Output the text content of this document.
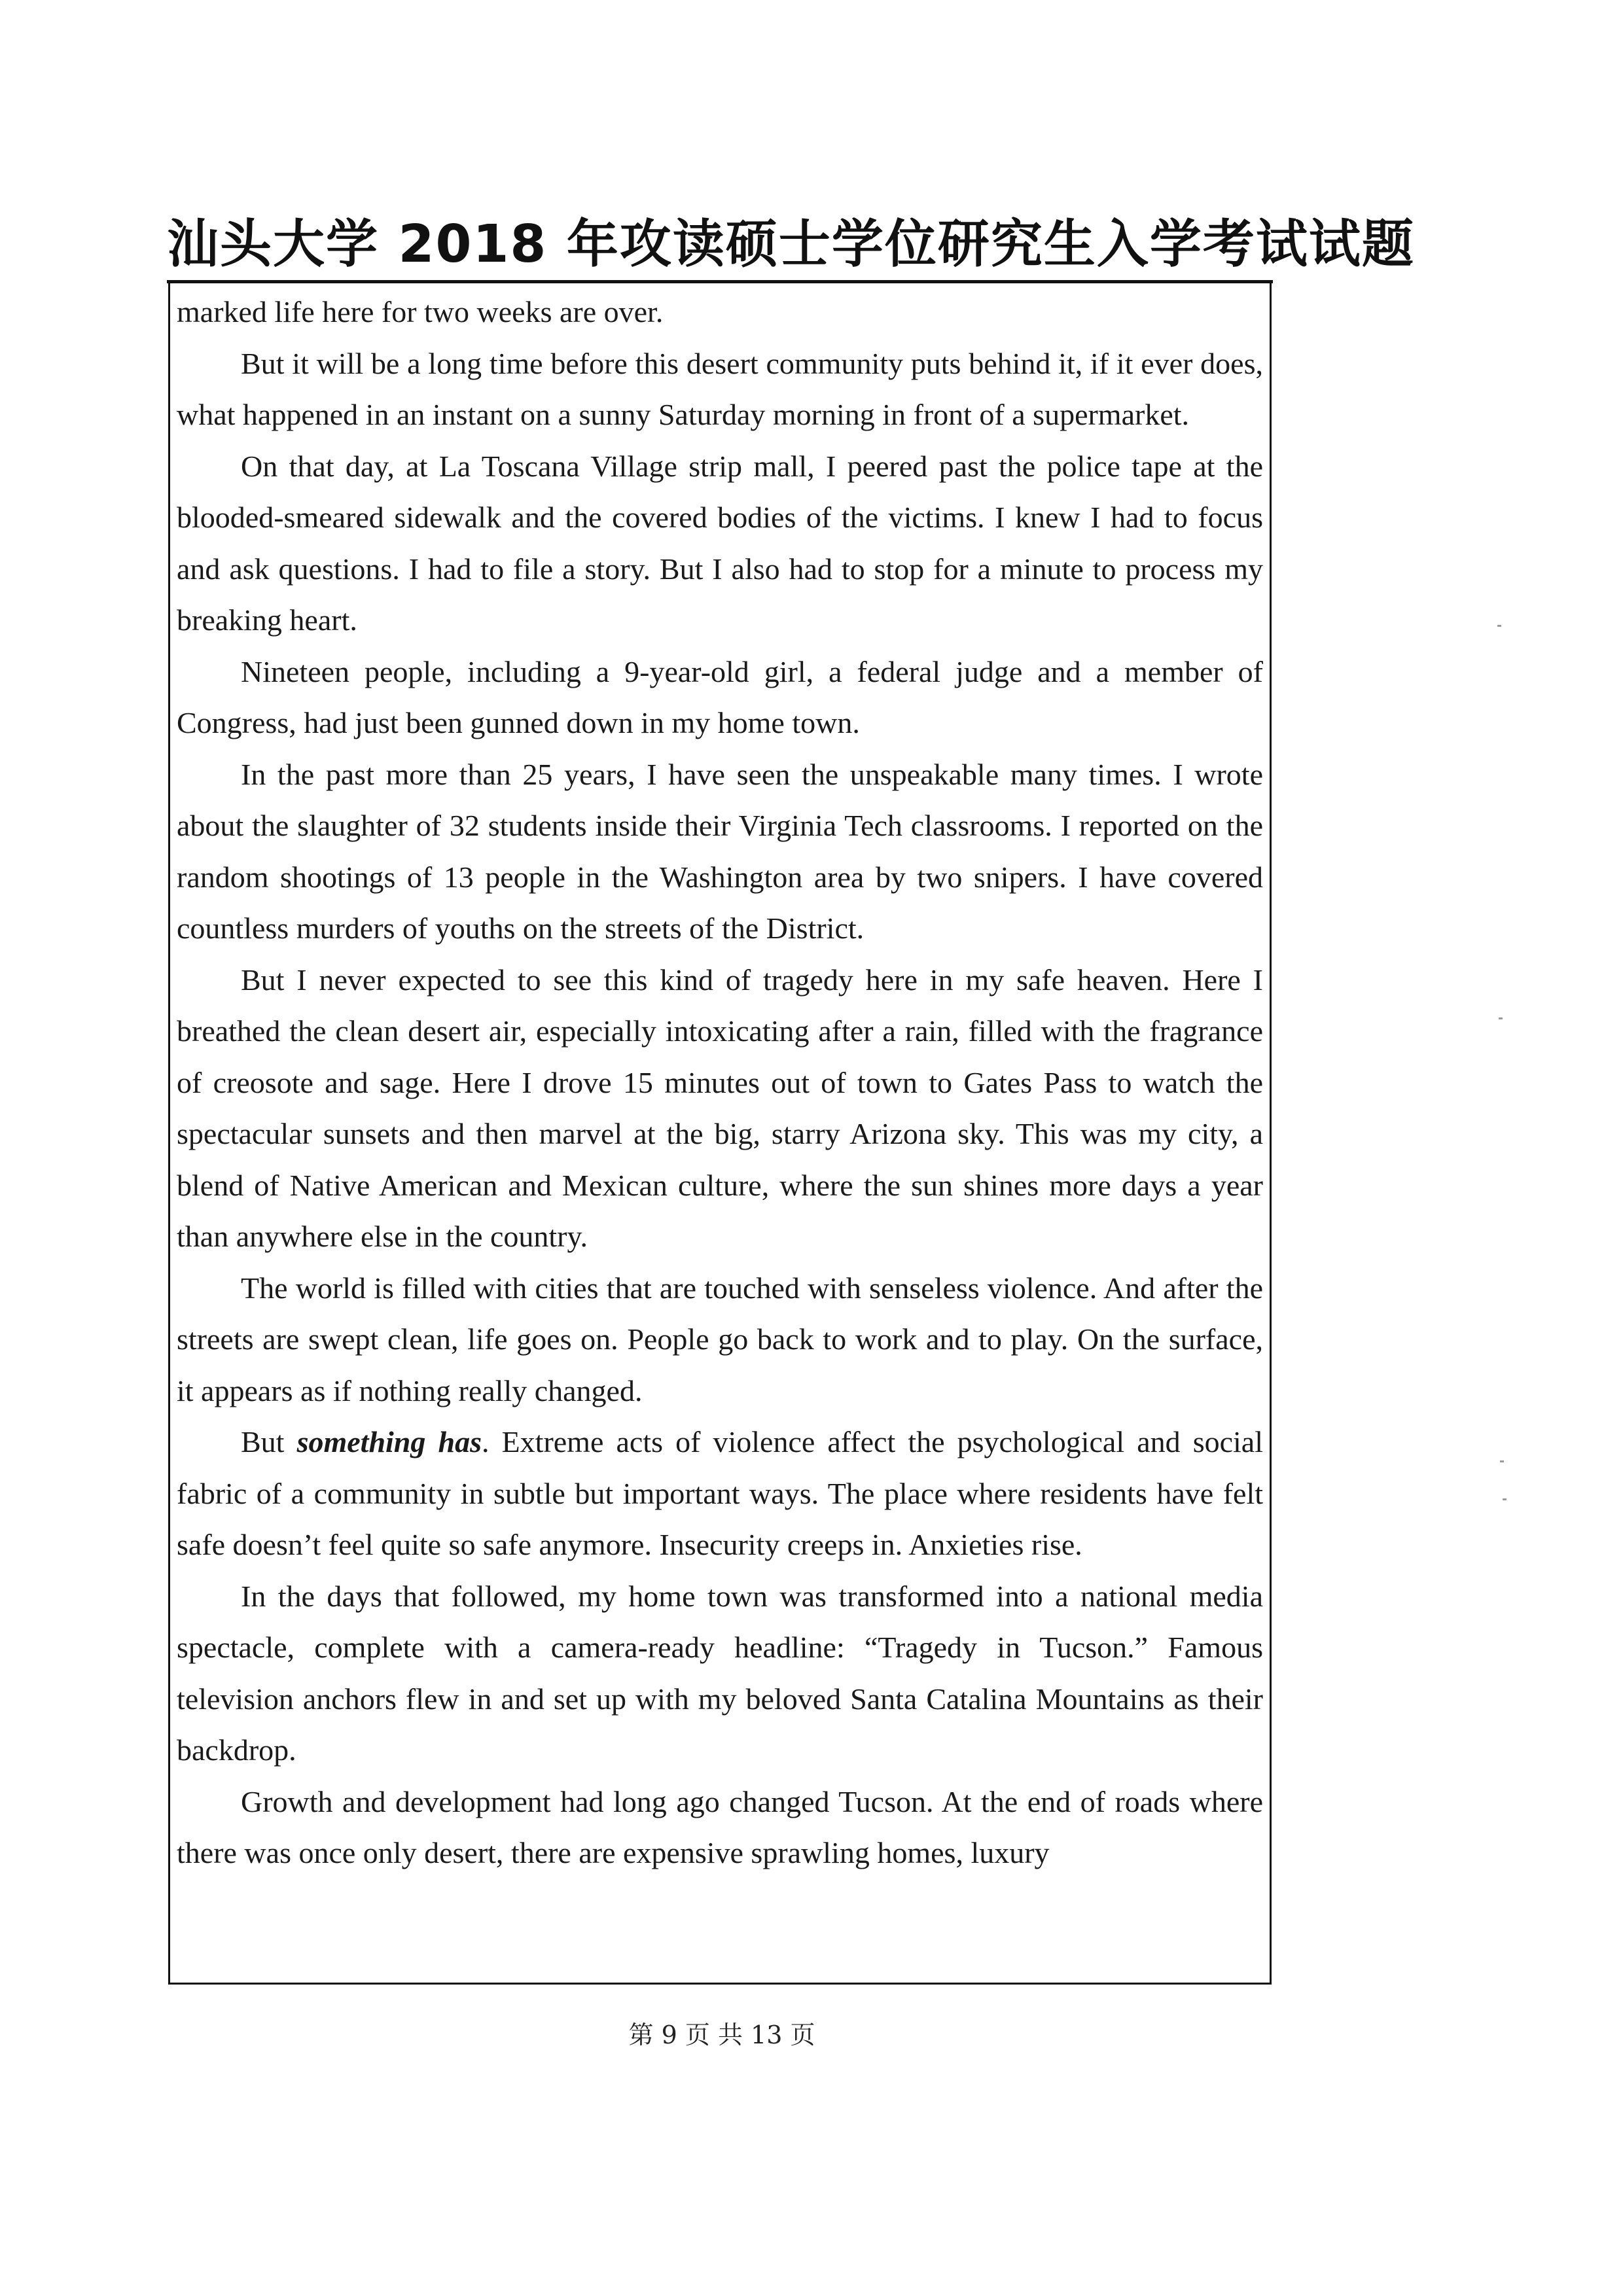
汕头大学 2018 年攻读硕士学位研究生入学考试试题

marked life here for two weeks are over.

But it will be a long time before this desert community puts behind it, if it ever does, what happened in an instant on a sunny Saturday morning in front of a supermarket.

On that day, at La Toscana Village strip mall, I peered past the police tape at the blooded-smeared sidewalk and the covered bodies of the victims. I knew I had to focus and ask questions. I had to file a story. But I also had to stop for a minute to process my breaking heart.

Nineteen people, including a 9-year-old girl, a federal judge and a member of Congress, had just been gunned down in my home town.

In the past more than 25 years, I have seen the unspeakable many times. I wrote about the slaughter of 32 students inside their Virginia Tech classrooms. I reported on the random shootings of 13 people in the Washington area by two snipers. I have covered countless murders of youths on the streets of the District.

But I never expected to see this kind of tragedy here in my safe heaven. Here I breathed the clean desert air, especially intoxicating after a rain, filled with the fragrance of creosote and sage. Here I drove 15 minutes out of town to Gates Pass to watch the spectacular sunsets and then marvel at the big, starry Arizona sky. This was my city, a blend of Native American and Mexican culture, where the sun shines more days a year than anywhere else in the country.

The world is filled with cities that are touched with senseless violence. And after the streets are swept clean, life goes on. People go back to work and to play. On the surface, it appears as if nothing really changed.

But something has. Extreme acts of violence affect the psychological and social fabric of a community in subtle but important ways. The place where residents have felt safe doesn’t feel quite so safe anymore. Insecurity creeps in. Anxieties rise.

In the days that followed, my home town was transformed into a national media spectacle, complete with a camera-ready headline: “Tragedy in Tucson.” Famous television anchors flew in and set up with my beloved Santa Catalina Mountains as their backdrop.

Growth and development had long ago changed Tucson. At the end of roads where there was once only desert, there are expensive sprawling homes, luxury

第 9 页 共 13 页
